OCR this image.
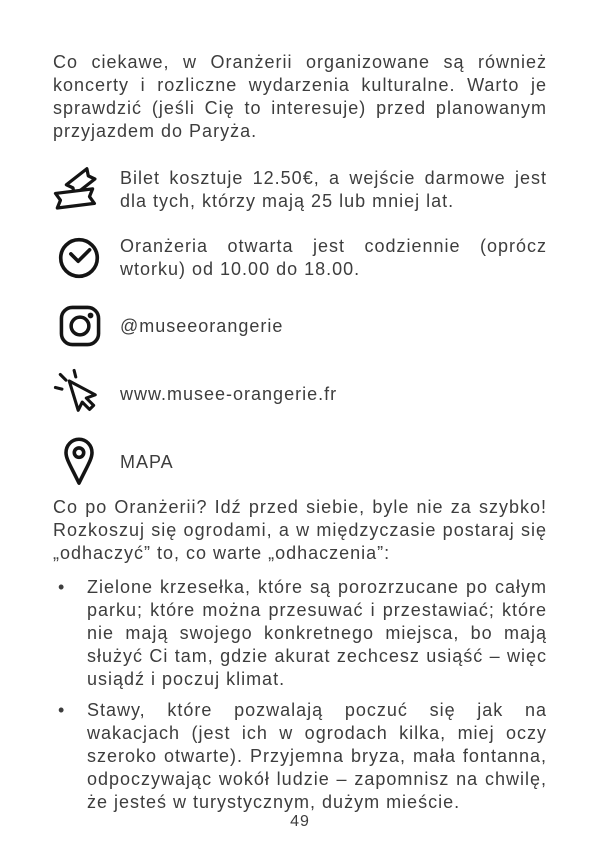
Co ciekawe, w Oranżerii organizowane są również koncerty i rozliczne wydarzenia kulturalne. Warto je sprawdzić (jeśli Cię to interesuje) przed planowanym przyjazdem do Paryża.

Bilet kosztuje 12.50€, a wejście darmowe jest dla tych, którzy mają 25 lub mniej lat.
Oranżeria otwarta jest codziennie (oprócz wtorku) od 10.00 do 18.00.
@museeorangerie
www.musee-orangerie.fr
MAPA

Co po Oranżerii? Idź przed siebie, byle nie za szybko! Rozkoszuj się ogrodami, a w międzyczasie postaraj się „odhaczyć” to, co warte „odhaczenia”:

•	Zielone krzesełka, które są porozrzucane po całym parku; które można przesuwać i przestawiać; które nie mają swojego konkretnego miejsca, bo mają służyć Ci tam, gdzie akurat zechcesz usiąść – więc usiądź i poczuj klimat.
•	Stawy, które pozwalają poczuć się jak na wakacjach (jest ich w ogrodach kilka, miej oczy szeroko otwarte). Przyjemna bryza, mała fontanna, odpoczywając wokół ludzie – zapomnisz na chwilę, że jesteś w turystycznym, dużym mieście.
49
